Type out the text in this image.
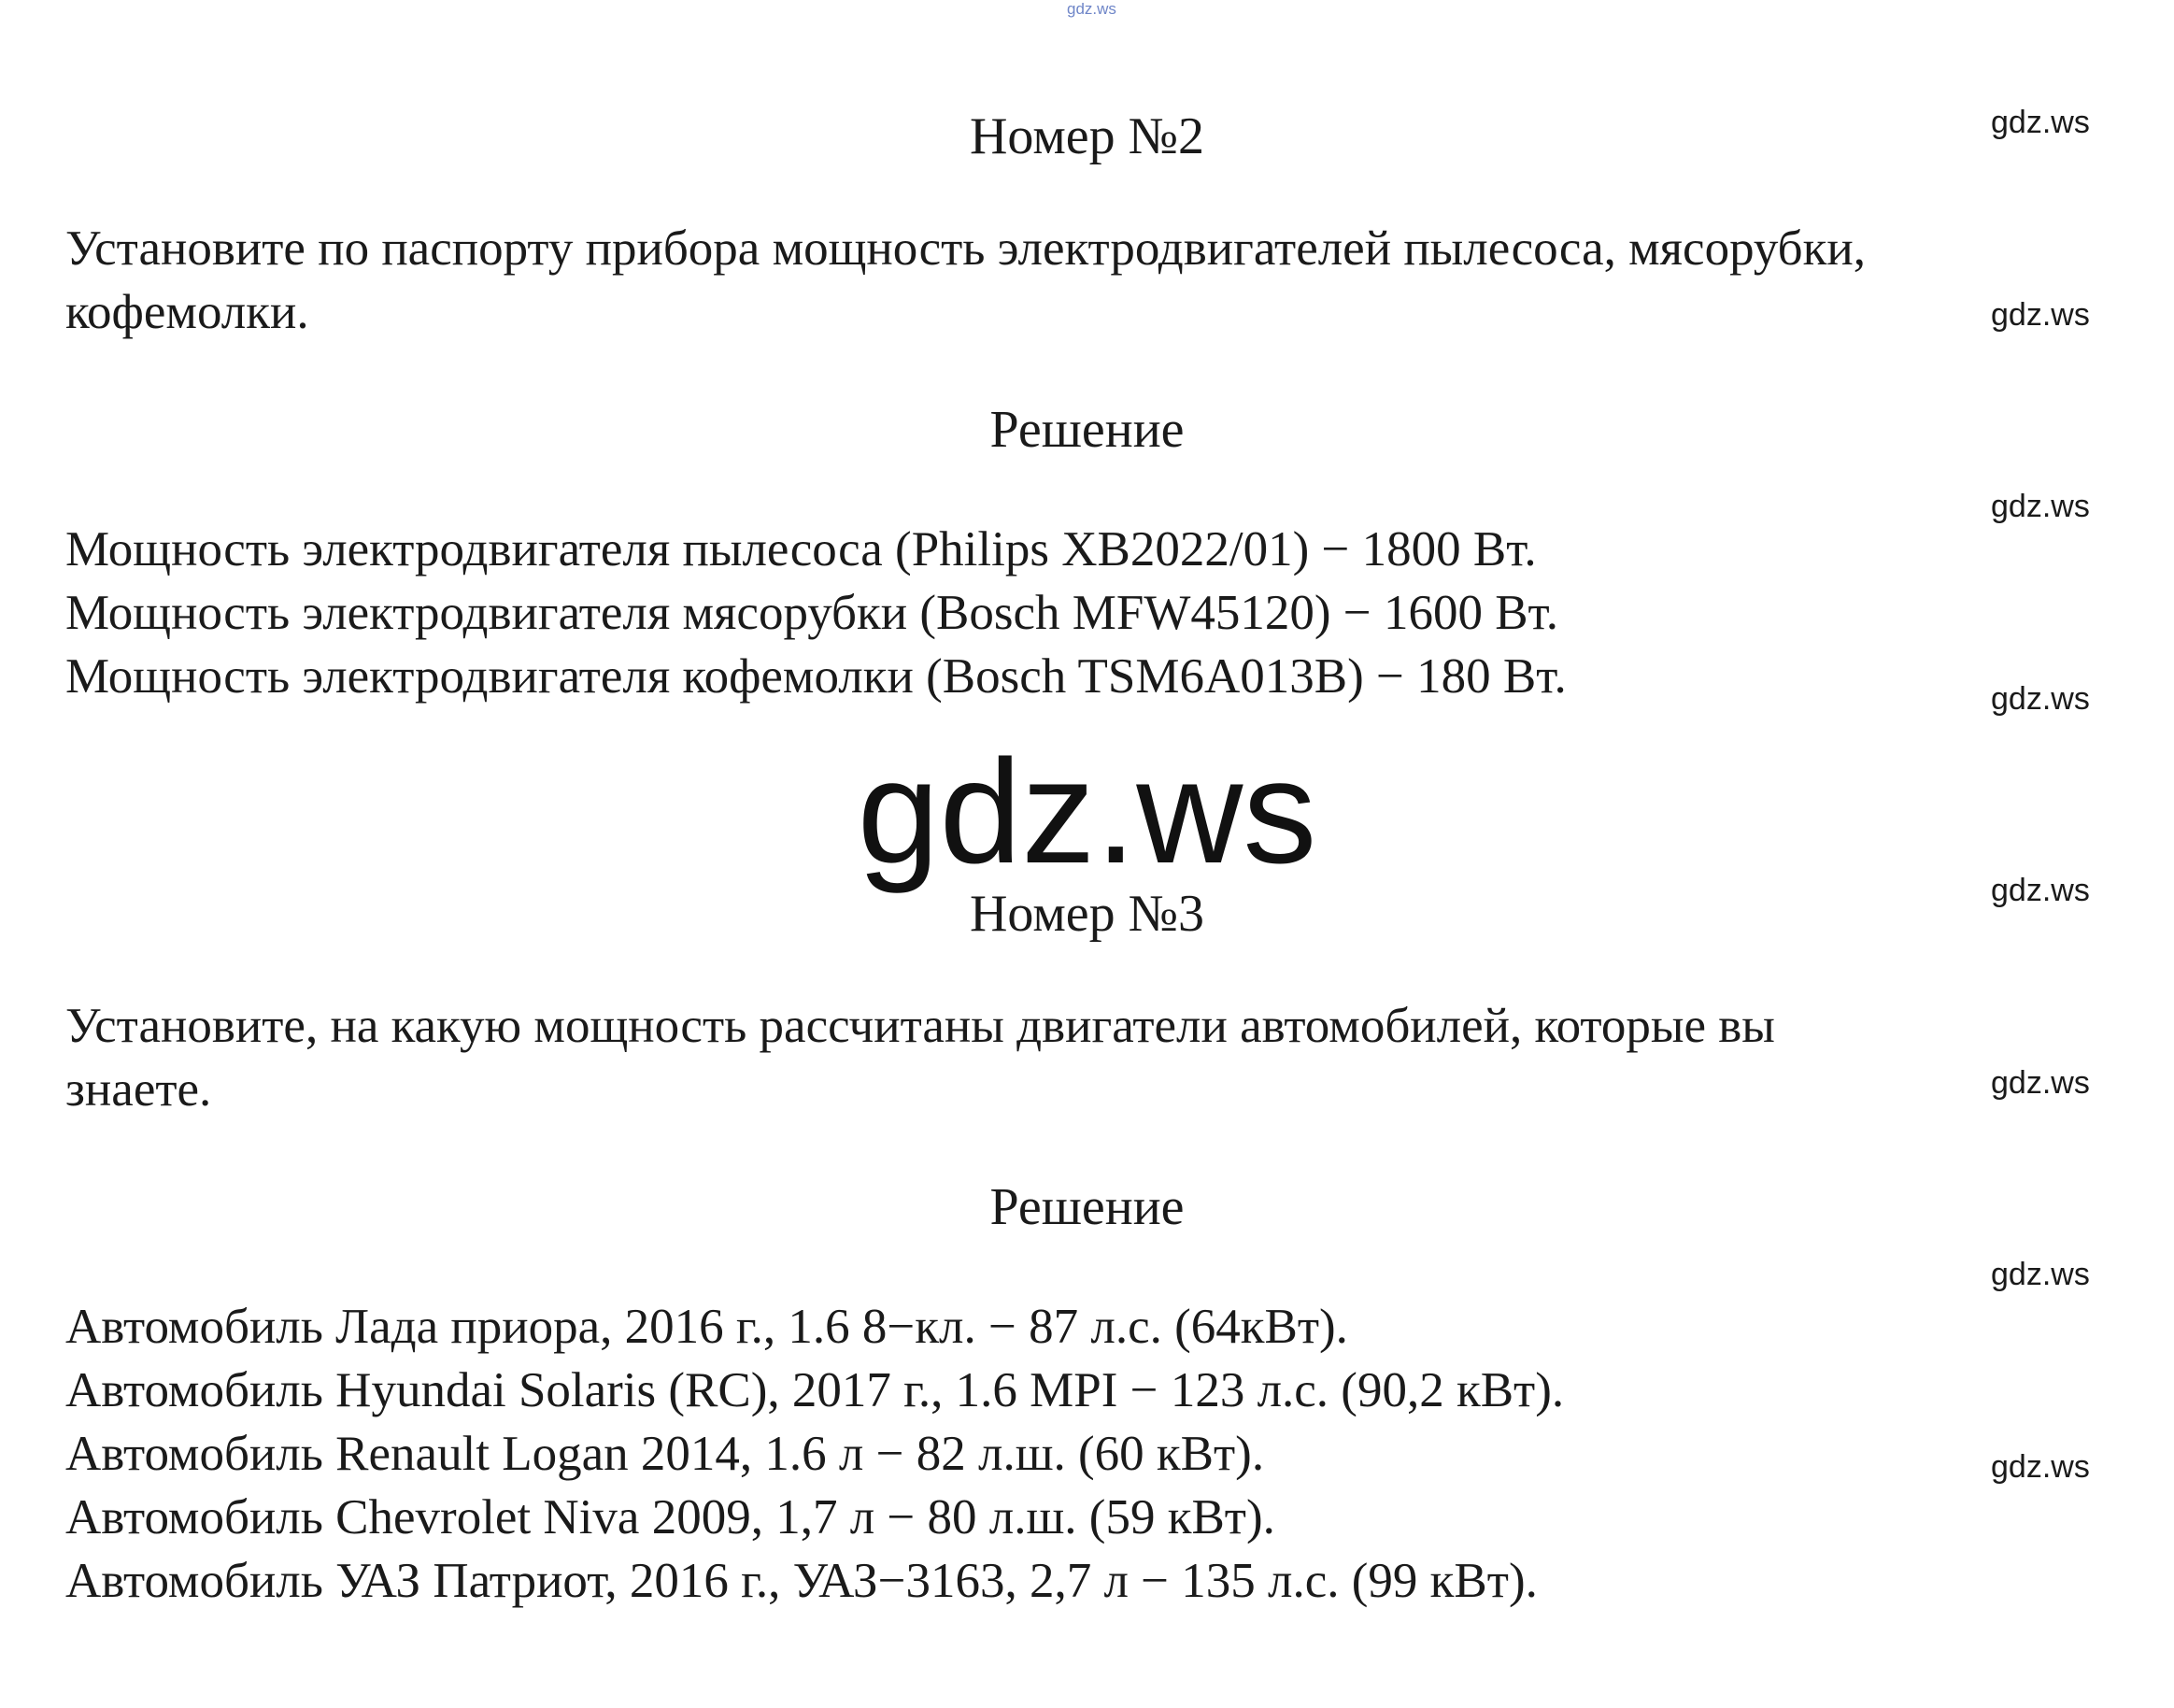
gdz.ws
gdz.ws
gdz.ws
gdz.ws
gdz.ws
gdz.ws
gdz.ws
gdz.ws
gdz.ws
Номер №2
Установите по паспорту прибора мощность электродвигателей пылесоса, мясорубки,
кофемолки.
Решение
Мощность электродвигателя пылесоса (Philips XB2022/01) − 1800 Вт.
Мощность электродвигателя мясорубки (Bosch MFW45120) − 1600 Вт.
Мощность электродвигателя кофемолки (Bosch TSM6A013B) − 180 Вт.
gdz.ws
Номер №3
Установите, на какую мощность рассчитаны двигатели автомобилей, которые вы
знаете.
Решение
Автомобиль Лада приора, 2016 г., 1.6 8−кл. − 87 л.с. (64кВт).
Автомобиль Hyundai Solaris (RC), 2017 г., 1.6 MPI − 123 л.с. (90,2 кВт).
Автомобиль Renault Logan 2014, 1.6 л − 82 л.ш. (60 кВт).
Автомобиль Chevrolet Niva 2009, 1,7 л − 80 л.ш. (59 кВт).
Автомобиль УАЗ Патриот, 2016 г., УАЗ−3163, 2,7 л − 135 л.с. (99 кВт).
